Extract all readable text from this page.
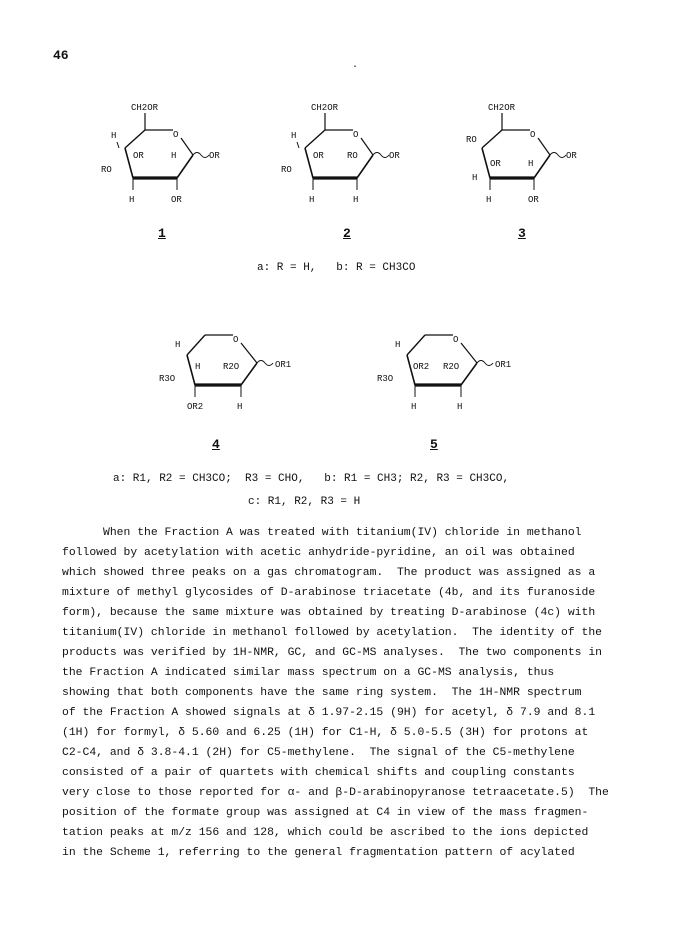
46
.
CH2OR
O
H
RO
OR	H	OR
H	OR
CH2OR
O
H
RO
OR	RO	OR
H	H
CH2OR
O
RO
H
OR	H
OR
H	OR
1	2	3
a: R = H,   b: R = CH3CO
O
H
R3O
H	R2O	OR1
OR2	H
O
H
R3O
OR2 R2O	OR1
H	H
4	5
a: R1, R2 = CH3CO;  R3 = CHO,   b: R1 = CH3; R2, R3 = CH3CO,
c: R1, R2, R3 = H

When the Fraction A was treated with titanium(IV) chloride in methanol

followed by acetylation with acetic anhydride-pyridine, an oil was obtained

which showed three peaks on a gas chromatogram.  The product was assigned as a

mixture of methyl glycosides of D-arabinose triacetate (4b, and its furanoside

form), because the same mixture was obtained by treating D-arabinose (4c) with

titanium(IV) chloride in methanol followed by acetylation.  The identity of the

products was verified by 1H-NMR, GC, and GC-MS analyses.  The two components in

the Fraction A indicated similar mass spectrum on a GC-MS analysis, thus

showing that both components have the same ring system.  The 1H-NMR spectrum

of the Fraction A showed signals at δ 1.97-2.15 (9H) for acetyl, δ 7.9 and 8.1

(1H) for formyl, δ 5.60 and 6.25 (1H) for C1-H, δ 5.0-5.5 (3H) for protons at

C2-C4, and δ 3.8-4.1 (2H) for C5-methylene.  The signal of the C5-methylene

consisted of a pair of quartets with chemical shifts and coupling constants

very close to those reported for α- and β-D-arabinopyranose tetraacetate.5)  The

position of the formate group was assigned at C4 in view of the mass fragmen-

tation peaks at m/z 156 and 128, which could be ascribed to the ions depicted

in the Scheme 1, referring to the general fragmentation pattern of acylated
